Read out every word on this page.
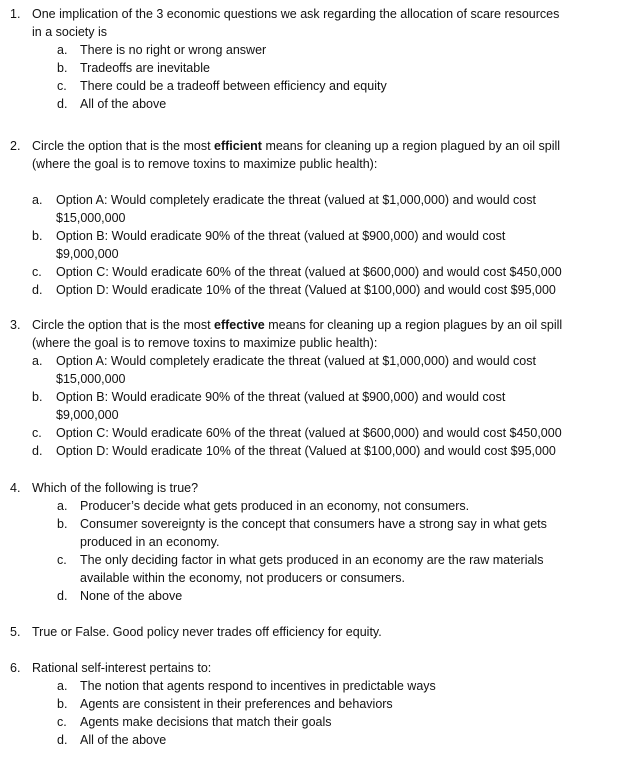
1. One implication of the 3 economic questions we ask regarding the allocation of scare resources
in a society is
a. There is no right or wrong answer
b. Tradeoffs are inevitable
c. There could be a tradeoff between efficiency and equity
d. All of the above
2. Circle the option that is the most efficient means for cleaning up a region plagued by an oil spill
(where the goal is to remove toxins to maximize public health):
a. Option A: Would completely eradicate the threat (valued at $1,000,000) and would cost
$15,000,000
b. Option B: Would eradicate 90% of the threat (valued at $900,000) and would cost
$9,000,000
c. Option C: Would eradicate 60% of the threat (valued at $600,000) and would cost $450,000
d. Option D: Would eradicate 10% of the threat (Valued at $100,000) and would cost $95,000
3. Circle the option that is the most effective means for cleaning up a region plagues by an oil spill
(where the goal is to remove toxins to maximize public health):
a. Option A: Would completely eradicate the threat (valued at $1,000,000) and would cost
$15,000,000
b. Option B: Would eradicate 90% of the threat (valued at $900,000) and would cost
$9,000,000
c. Option C: Would eradicate 60% of the threat (valued at $600,000) and would cost $450,000
d. Option D: Would eradicate 10% of the threat (Valued at $100,000) and would cost $95,000
4. Which of the following is true?
a. Producer’s decide what gets produced in an economy, not consumers.
b. Consumer sovereignty is the concept that consumers have a strong say in what gets
produced in an economy.
c. The only deciding factor in what gets produced in an economy are the raw materials
available within the economy, not producers or consumers.
d. None of the above
5. True or False. Good policy never trades off efficiency for equity.
6. Rational self-interest pertains to:
a. The notion that agents respond to incentives in predictable ways
b. Agents are consistent in their preferences and behaviors
c. Agents make decisions that match their goals
d. All of the above
